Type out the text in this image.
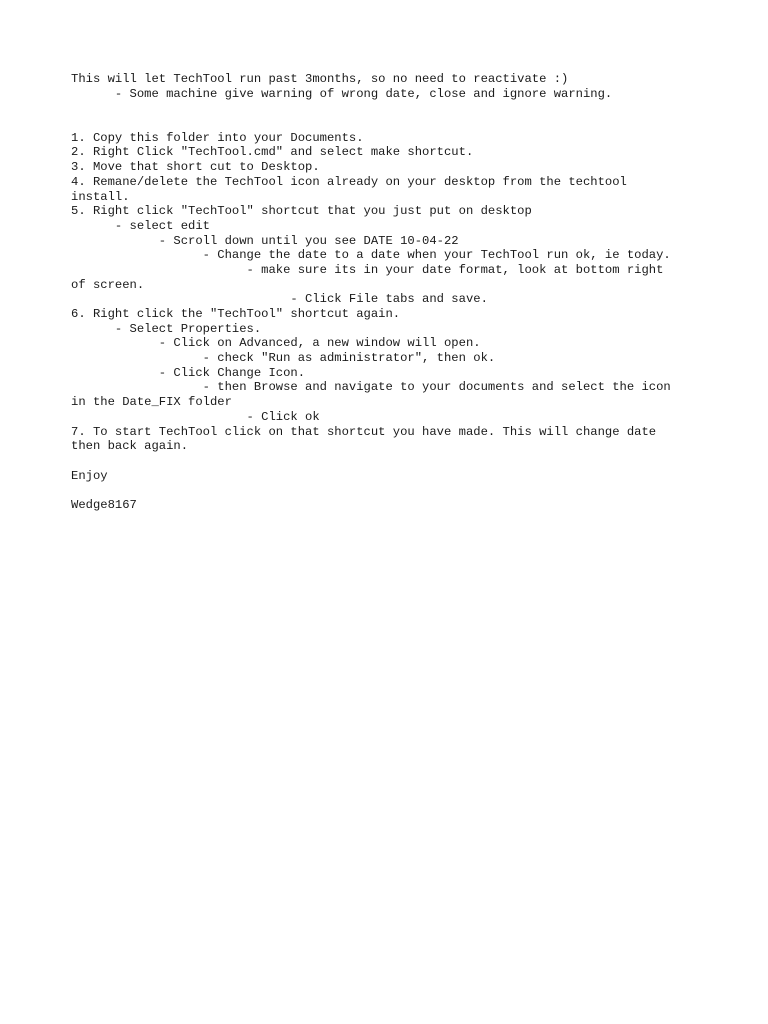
This will let TechTool run past 3months, so no need to reactivate :)
- Some machine give warning of wrong date, close and ignore warning.
1. Copy this folder into your Documents.
2. Right Click "TechTool.cmd" and select make shortcut.
3. Move that short cut to Desktop.
4. Remane/delete the TechTool icon already on your desktop from the techtool
install.
5. Right click "TechTool" shortcut that you just put on desktop
- select edit
- Scroll down until you see DATE 10-04-22
- Change the date to a date when your TechTool run ok, ie today.
- make sure its in your date format, look at bottom right
of screen.
- Click File tabs and save.
6. Right click the "TechTool" shortcut again.
- Select Properties.
- Click on Advanced, a new window will open.
- check "Run as administrator", then ok.
- Click Change Icon.
- then Browse and navigate to your documents and select the icon
in the Date_FIX folder
- Click ok
7. To start TechTool click on that shortcut you have made. This will change date
then back again.
Enjoy
Wedge8167
